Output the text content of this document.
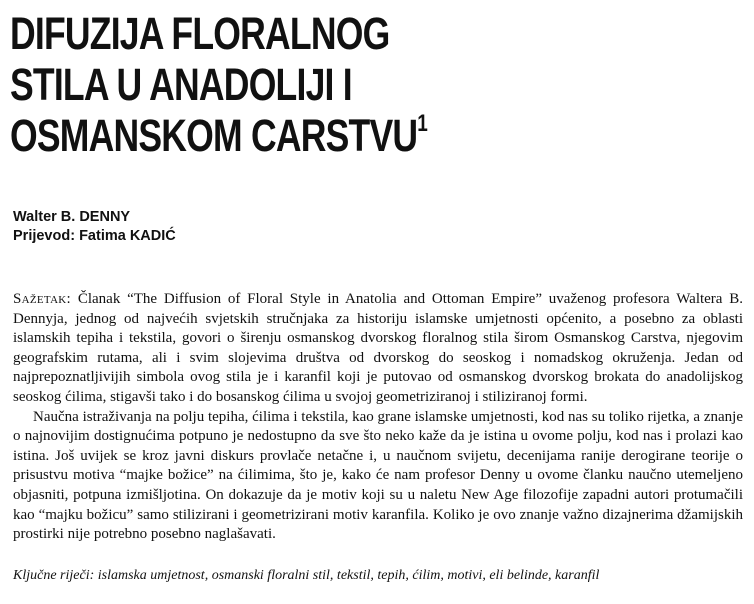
DIFUZIJA FLORALNOG
STILA U ANADOLIJI I
OSMANSKOM CARSTVU$^1$
Walter B. DENNY
Prijevod: Fatima KADIĆ

Sažetak: Članak “The Diffusion of Floral Style in Anatolia and Ottoman Empire” uvaženog profesora Waltera B. Dennyja, jednog od najvećih svjetskih stručnjaka za historiju islamske umjetnosti općenito, a posebno za oblasti islamskih tepiha i tekstila, govori o širenju osmanskog dvorskog floralnog stila širom Osmanskog Carstva, njegovim geografskim rutama, ali i svim slojevima društva od dvorskog do seoskog i nomadskog okruženja. Jedan od najprepoznatljivijih simbola ovog stila je i karanfil koji je putovao od osmanskog dvorskog brokata do anadolijskog seoskog ćilima, stigavši tako i do bosanskog ćilima u svojoj geometriziranoj i stiliziranoj formi.

Naučna istraživanja na polju tepiha, ćilima i tekstila, kao grane islamske umjetnosti, kod nas su toliko rijetka, a znanje o najnovijim dostignućima potpuno je nedostupno da sve što neko kaže da je istina u ovome polju, kod nas i prolazi kao istina. Još uvijek se kroz javni diskurs provlače netačne i, u naučnom svijetu, decenijama ranije derogirane teorije o prisustvu motiva “majke božice” na ćilimima, što je, kako će nam profesor Denny u ovome članku naučno utemeljeno objasniti, potpuna izmišljotina. On dokazuje da je motiv koji su u naletu New Age filozofije zapadni autori protumačili kao “majku božicu” samo stilizirani i geometrizirani motiv karanfila. Koliko je ovo znanje važno dizajnerima džamijskih prostirki nije potrebno posebno naglašavati.

Ključne riječi: islamska umjetnost, osmanski floralni stil, tekstil, tepih, ćilim, motivi, eli belinde, karanfil
